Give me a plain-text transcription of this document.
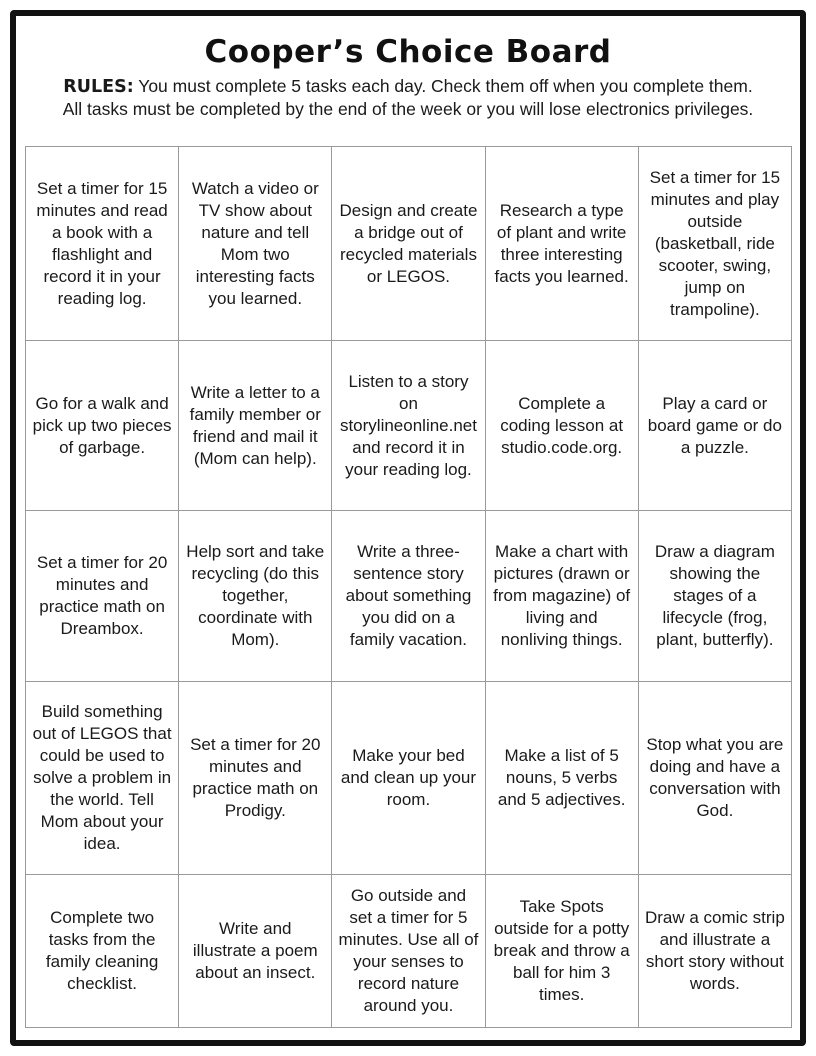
Cooper’s Choice Board

RULES: You must complete 5 tasks each day. Check them off when you complete them.
All tasks must be completed by the end of the week or you will lose electronics privileges.

Set a timer for 15 minutes and read a book with a flashlight and record it in your reading log.	Watch a video or TV show about nature and tell Mom two interesting facts you learned.	Design and create a bridge out of recycled materials or LEGOS.	Research a type of plant and write three interesting facts you learned.	Set a timer for 15 minutes and play outside (basketball, ride scooter, swing, jump on trampoline).
Go for a walk and pick up two pieces of garbage.	Write a letter to a family member or friend and mail it (Mom can help).	Listen to a story on storylineonline.net and record it in your reading log.	Complete a coding lesson at studio.code.org.	Play a card or board game or do a puzzle.
Set a timer for 20 minutes and practice math on Dreambox.	Help sort and take recycling (do this together, coordinate with Mom).	Write a three-sentence story about something you did on a family vacation.	Make a chart with pictures (drawn or from magazine) of living and nonliving things.	Draw a diagram showing the stages of a lifecycle (frog, plant, butterfly).
Build something out of LEGOS that could be used to solve a problem in the world. Tell Mom about your idea.	Set a timer for 20 minutes and practice math on Prodigy.	Make your bed and clean up your room.	Make a list of 5 nouns, 5 verbs and 5 adjectives.	Stop what you are doing and have a conversation with God.
Complete two tasks from the family cleaning checklist.	Write and illustrate a poem about an insect.	Go outside and set a timer for 5 minutes. Use all of your senses to record nature around you.	Take Spots outside for a potty break and throw a ball for him 3 times.	Draw a comic strip and illustrate a short story without words.
